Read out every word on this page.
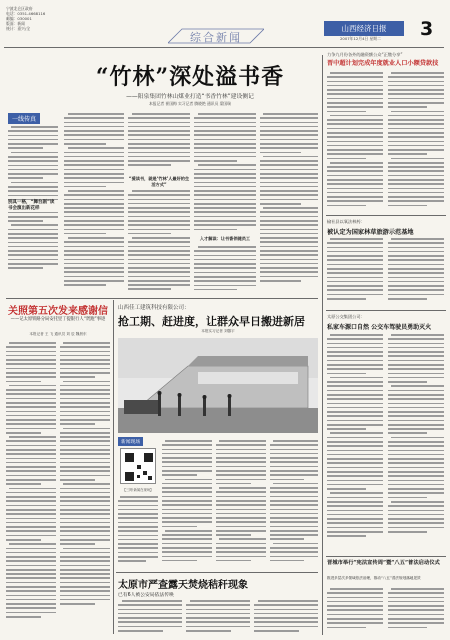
宁波北仑区政府
电话：0351-4668116
邮编：030001
版面：新闻
统计：嘉兴/全
综合新闻
山西经济日报
2007年12月4日 星期二 3
“竹林”深处溢书香
——阳泉集团竹林山煤业打造“书香竹林”建设侧记
本报记者 崔国梅 实习记者 腾晓艳 通讯员 梁国瑞
一线传真
别具一格，“舞台剧”读书会演出新花样
“爱读书，就是‘竹林’人最好的生活方式”
入才解读：让书香伴随员工
关照第五次发来感谢信
——记太原铁路分局安托里丁提银行人“贤跑”事迹
本报记者 王 飞 通讯员 刘 辰 魏晨东
山西佳工建筑科技有限公司：
抢工期、赶进度，让群众早日搬进新居
本报实习记者 刘馨宇
新闻现场
【三网·新闻在现场】
太原市严查露天焚烧秸秆现象
已有6人被公安局依法传唤
力争九月份各外的融资额公众“正缴分享”
晋中超计划完成年度就业人口小额贷款技
榆社县以氧法林药：
被认定为国家林草旅游示范基地
太原公交集团公司：
私家车源口自然 公交车驾驶员勇助灭火
晋城市举行“宪法宣传周”暨“八五”普法启动仪式
推进多层次多领域依法治理，推动“八五”普法规划落地见效
